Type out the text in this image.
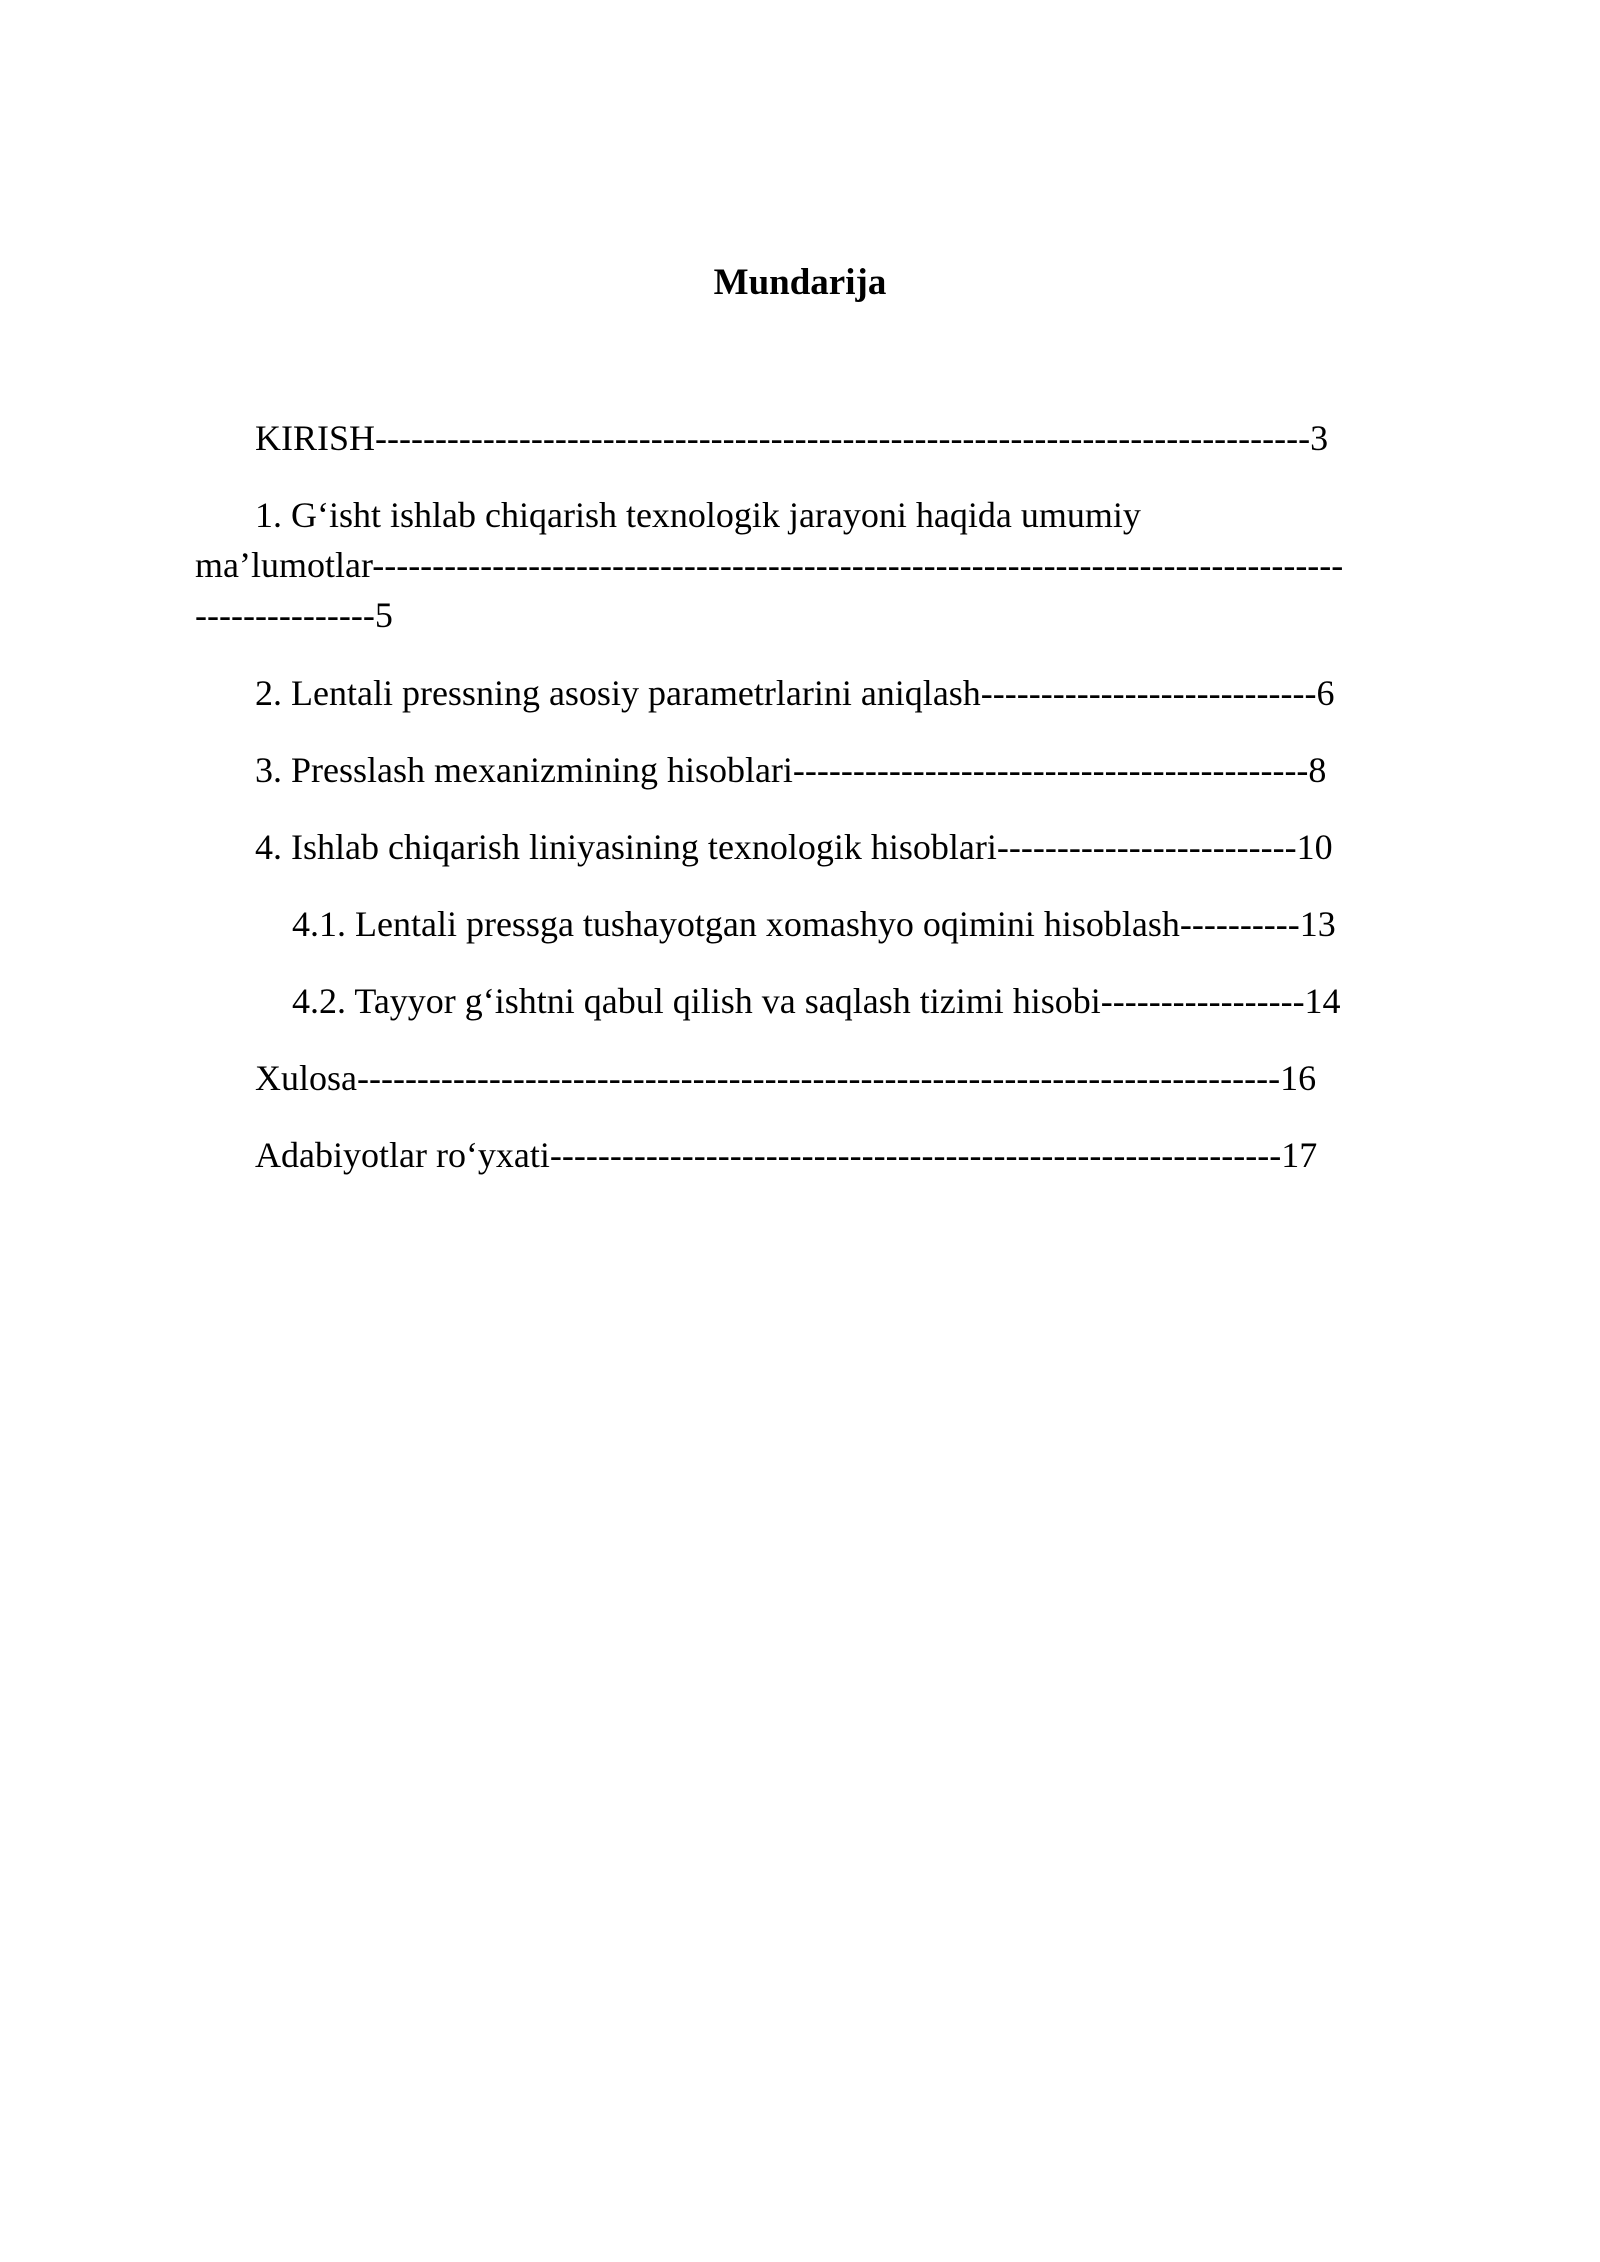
Mundarija

KIRISH------------------------------------------------------------------------------3

1. G‘isht ishlab chiqarish texnologik jarayoni haqida umumiy

ma’lumotlar---------------------------------------------------------------------------------

---------------5

2. Lentali pressning asosiy parametrlarini aniqlash----------------------------6

3. Presslash mexanizmining hisoblari-------------------------------------------8

4. Ishlab chiqarish liniyasining texnologik hisoblari-------------------------10

4.1. Lentali pressga tushayotgan xomashyo oqimini hisoblash----------13

4.2. Tayyor g‘ishtni qabul qilish va saqlash tizimi hisobi-----------------14

Xulosa-----------------------------------------------------------------------------16

Adabiyotlar ro‘yxati-------------------------------------------------------------17
